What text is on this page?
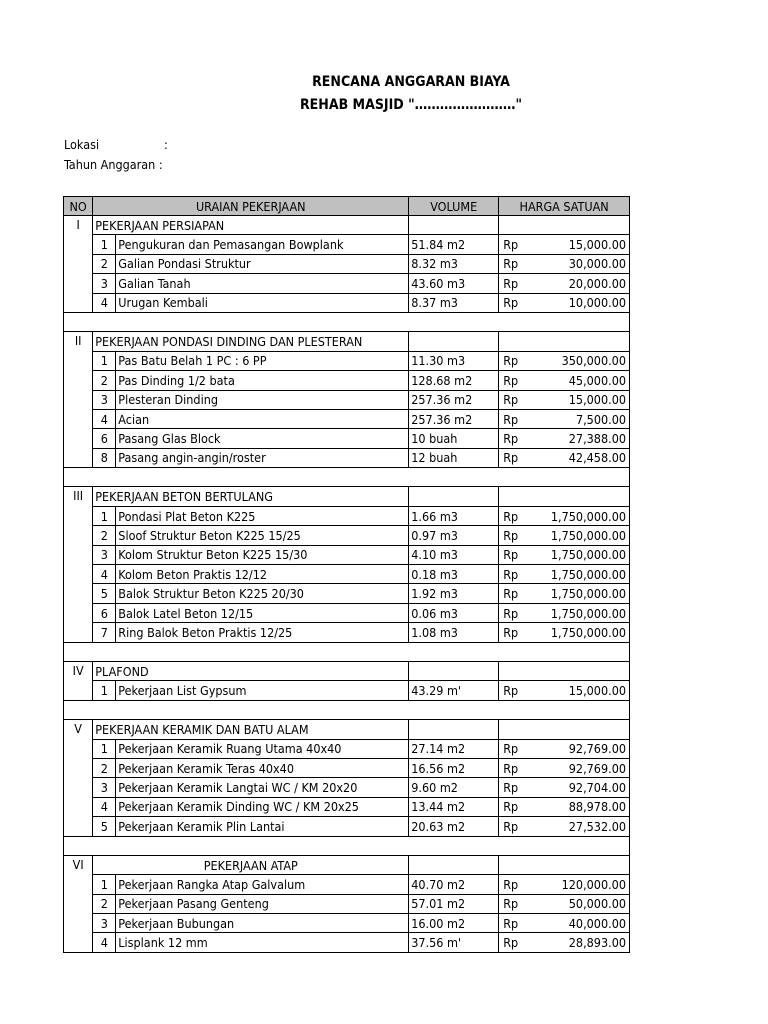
RENCANA ANGGARAN BIAYA
REHAB MASJID "……………………"
Lokasi	:
Tahun Anggaran :
NO	URAIAN PEKERJAAN		VOLUME	HARGA SATUAN
I	PEKERJAAN PERSIAPAN			
	1	Pengukuran dan Pemasangan Bowplank	51.84 m2	Rp 15,000.00

	2	Galian Pondasi Struktur	8.32 m3	Rp 30,000.00

	3	Galian Tanah	43.60 m3	Rp 20,000.00

	4	Urugan Kembali	8.37 m3	Rp 10,000.00

II	PEKERJAAN PONDASI DINDING DAN PLESTERAN			
	1	Pas Batu Belah 1 PC : 6 PP	11.30 m3	Rp 350,000.00

	2	Pas Dinding 1/2 bata	128.68 m2	Rp 45,000.00

	3	Plesteran Dinding	257.36 m2	Rp 15,000.00

	4	Acian	257.36 m2	Rp 7,500.00

	6	Pasang Glas Block	10 buah	Rp 27,388.00

	8	Pasang angin-angin/roster	12 buah	Rp 42,458.00

III	PEKERJAAN BETON BERTULANG			
	1	Pondasi Plat Beton K225	1.66 m3	Rp 1,750,000.00

	2	Sloof Struktur Beton K225 15/25	0.97 m3	Rp 1,750,000.00

	3	Kolom Struktur Beton K225 15/30	4.10 m3	Rp 1,750,000.00

	4	Kolom Beton Praktis 12/12	0.18 m3	Rp 1,750,000.00

	5	Balok Struktur Beton K225 20/30	1.92 m3	Rp 1,750,000.00

	6	Balok Latel Beton 12/15	0.06 m3	Rp 1,750,000.00

	7	Ring Balok Beton Praktis 12/25	1.08 m3	Rp 1,750,000.00

IV	PLAFOND			
	1	Pekerjaan List Gypsum	43.29 m'	Rp 15,000.00

V	PEKERJAAN KERAMIK DAN BATU ALAM			
	1	Pekerjaan Keramik Ruang Utama 40x40	27.14 m2	Rp 92,769.00

	2	Pekerjaan Keramik Teras 40x40	16.56 m2	Rp 92,769.00

	3	Pekerjaan Keramik Langtai WC / KM 20x20	9.60 m2	Rp 92,704.00

	4	Pekerjaan Keramik Dinding WC / KM 20x25	13.44 m2	Rp 88,978.00

	5	Pekerjaan Keramik Plin Lantai	20.63 m2	Rp 27,532.00

VI	PEKERJAAN ATAP			
	1	Pekerjaan Rangka Atap Galvalum	40.70 m2	Rp 120,000.00

	2	Pekerjaan Pasang Genteng	57.01 m2	Rp 50,000.00

	3	Pekerjaan Bubungan	16.00 m2	Rp 40,000.00

	4	Lisplank 12 mm	37.56 m'	Rp 28,893.00
